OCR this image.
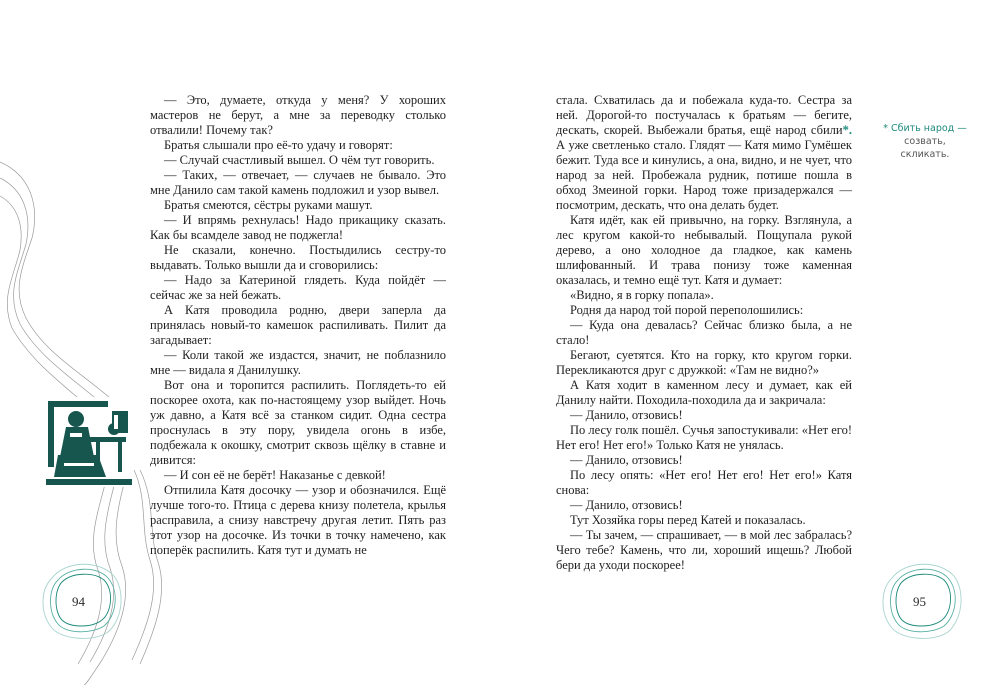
94	95

— Это, думаете, откуда у меня? У хороших мастеров не берут, а мне за переводку столько отвалили! Почему так?

Братья слышали про её-то удачу и говорят:

— Случай счастливый вышел. О чём тут говорить.

— Таких, — отвечает, — случаев не бывало. Это мне Данило сам такой камень подложил и узор вывел.

Братья смеются, сёстры руками машут.

— И впрямь рехнулась! Надо прикащику сказать. Как бы всамделе завод не поджегла!

Не сказали, конечно. Постыдились сестру-то выдавать. Только вышли да и сговорились:

— Надо за Катериной глядеть. Куда пойдёт — сейчас же за ней бежать.

А Катя проводила родню, двери заперла да принялась новый-то камешок распиливать. Пилит да загадывает:

— Коли такой же издастся, значит, не поблазнило мне — видала я Данилушку.

Вот она и торопится распилить. Поглядеть-то ей поскорее охота, как по-настоящему узор выйдет. Ночь уж давно, а Катя всё за станком сидит. Одна сестра проснулась в эту пору, увидела огонь в избе, подбежала к окошку, смотрит сквозь щёлку в ставне и дивится:

— И сон её не берёт! Наказанье с девкой!

Отпилила Катя досочку — узор и обозначился. Ещё лучше того-то. Птица с дерева книзу полетела, крылья расправила, а снизу навстречу другая летит. Пять раз этот узор на досочке. Из точки в точку намечено, как поперёк распилить. Катя тут и думать не

стала. Схватилась да и побежала куда-то. Сестра за ней. Дорогой-то постучалась к братьям — бегите, дескать, скорей. Выбежали братья, ещё народ сбили*. А уже светленько стало. Глядят — Катя мимо Гумёшек бежит. Туда все и кинулись, а она, видно, и не чует, что народ за ней. Пробежала рудник, потише пошла в обход Змеиной горки. Народ тоже призадержался — посмотрим, дескать, что она делать будет.

Катя идёт, как ей привычно, на горку. Взглянула, а лес кругом какой-то небывалый. Пощупала рукой дерево, а оно холодное да гладкое, как камень шлифованный. И трава понизу тоже каменная оказалась, и темно ещё тут. Катя и думает:

«Видно, я в горку попала».

Родня да народ той порой переполошились:

— Куда она девалась? Сейчас близко была, а не стало!

Бегают, суетятся. Кто на горку, кто кругом горки. Перекликаются друг с дружкой: «Там не видно?»

А Катя ходит в каменном лесу и думает, как ей Данилу найти. Походила-походила да и закричала:

— Данило, отзовись!

По лесу голк пошёл. Сучья запостукивали: «Нет его! Нет его! Нет его!» Только Катя не унялась.

— Данило, отзовись!

По лесу опять: «Нет его! Нет его! Нет его!» Катя снова:

— Данило, отзовись!

Тут Хозяйка горы перед Катей и показалась.

— Ты зачем, — спрашивает, — в мой лес забралась? Чего тебе? Камень, что ли, хороший ищешь? Любой бери да уходи поскорее!

* Сбить народ —
созвать, скликать.
